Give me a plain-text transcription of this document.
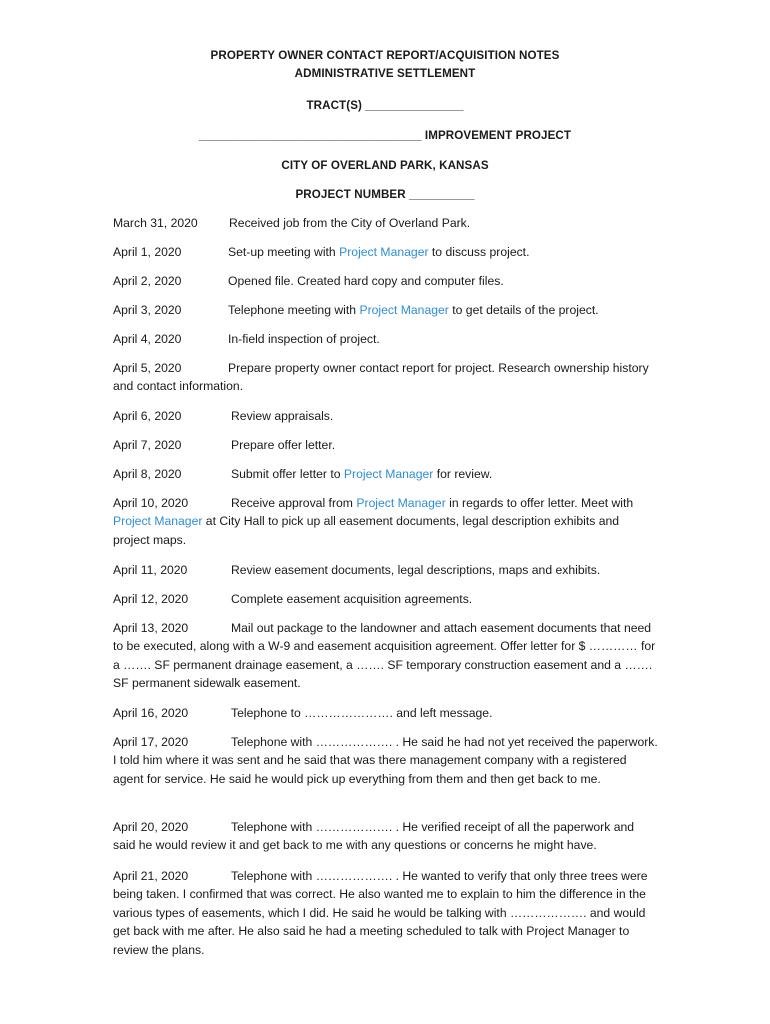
PROPERTY OWNER CONTACT REPORT/ACQUISITION NOTES
ADMINISTRATIVE SETTLEMENT
TRACT(S) _______________
__________________________________ IMPROVEMENT PROJECT
CITY OF OVERLAND PARK, KANSAS
PROJECT NUMBER __________
March 31, 2020	Received job from the City of Overland Park.
April 1, 2020	Set-up meeting with Project Manager to discuss project.
April 2, 2020	Opened file. Created hard copy and computer files.
April 3, 2020	Telephone meeting with Project Manager to get details of the project.
April 4, 2020	In-field inspection of project.
April 5, 2020	Prepare property owner contact report for project. Research ownership history and contact information.
April 6, 2020	Review appraisals.
April 7, 2020	Prepare offer letter.
April 8, 2020	Submit offer letter to Project Manager for review.
April 10, 2020	Receive approval from Project Manager in regards to offer letter. Meet with Project Manager at City Hall to pick up all easement documents, legal description exhibits and project maps.
April 11, 2020	Review easement documents, legal descriptions, maps and exhibits.
April 12, 2020	Complete easement acquisition agreements.
April 13, 2020	Mail out package to the landowner and attach easement documents that need to be executed, along with a W-9 and easement acquisition agreement. Offer letter for $ ………… for a ……. SF permanent drainage easement, a ……. SF temporary construction easement and a ……. SF permanent sidewalk easement.
April 16, 2020	Telephone to …………………. and left message.
April 17, 2020	Telephone with ………………. . He said he had not yet received the paperwork. I told him where it was sent and he said that was there management company with a registered agent for service. He said he would pick up everything from them and then get back to me.
April 20, 2020	Telephone with ………………. . He verified receipt of all the paperwork and said he would review it and get back to me with any questions or concerns he might have.
April 21, 2020	Telephone with ………………. . He wanted to verify that only three trees were being taken. I confirmed that was correct. He also wanted me to explain to him the difference in the various types of easements, which I did. He said he would be talking with ………………. and would get back with me after. He also said he had a meeting scheduled to talk with Project Manager to review the plans.
